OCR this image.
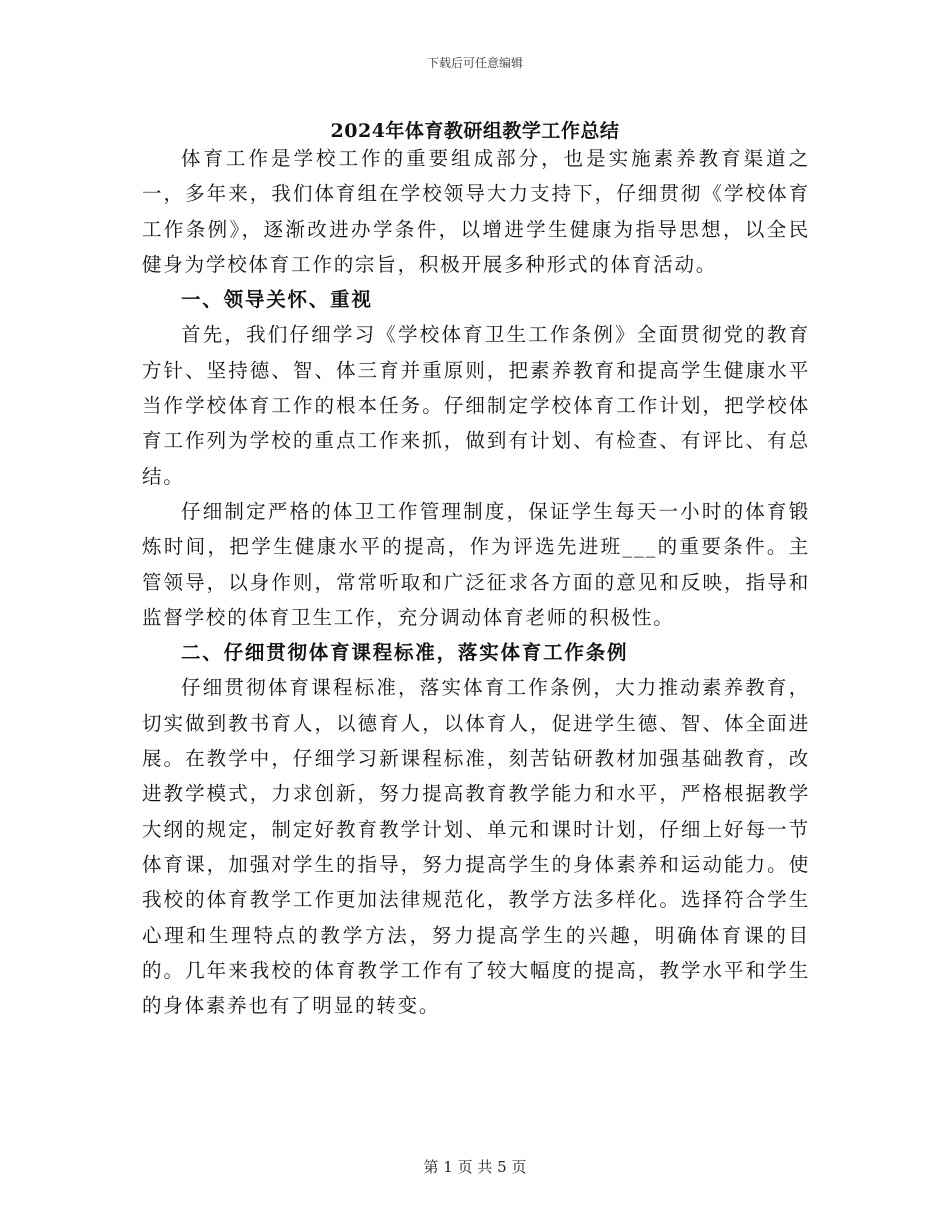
下载后可任意编辑
2024年体育教研组教学工作总结

体育工作是学校工作的重要组成部分，也是实施素养教育渠道之一，多年来，我们体育组在学校领导大力支持下，仔细贯彻《学校体育工作条例》，逐渐改进办学条件，以增进学生健康为指导思想，以全民健身为学校体育工作的宗旨，积极开展多种形式的体育活动。

一、领导关怀、重视

首先，我们仔细学习《学校体育卫生工作条例》全面贯彻党的教育方针、坚持德、智、体三育并重原则，把素养教育和提高学生健康水平当作学校体育工作的根本任务。仔细制定学校体育工作计划，把学校体育工作列为学校的重点工作来抓，做到有计划、有检查、有评比、有总结。

仔细制定严格的体卫工作管理制度，保证学生每天一小时的体育锻炼时间，把学生健康水平的提高，作为评选先进班___的重要条件。主管领导，以身作则，常常听取和广泛征求各方面的意见和反映，指导和监督学校的体育卫生工作，充分调动体育老师的积极性。

二、仔细贯彻体育课程标准，落实体育工作条例

仔细贯彻体育课程标准，落实体育工作条例，大力推动素养教育，切实做到教书育人，以德育人，以体育人，促进学生德、智、体全面进展。在教学中，仔细学习新课程标准，刻苦钻研教材加强基础教育，改进教学模式，力求创新，努力提高教育教学能力和水平，严格根据教学大纲的规定，制定好教育教学计划、单元和课时计划，仔细上好每一节体育课，加强对学生的指导，努力提高学生的身体素养和运动能力。使我校的体育教学工作更加法律规范化，教学方法多样化。选择符合学生心理和生理特点的教学方法，努力提高学生的兴趣，明确体育课的目的。几年来我校的体育教学工作有了较大幅度的提高，教学水平和学生的身体素养也有了明显的转变。

第 1 页 共 5 页
